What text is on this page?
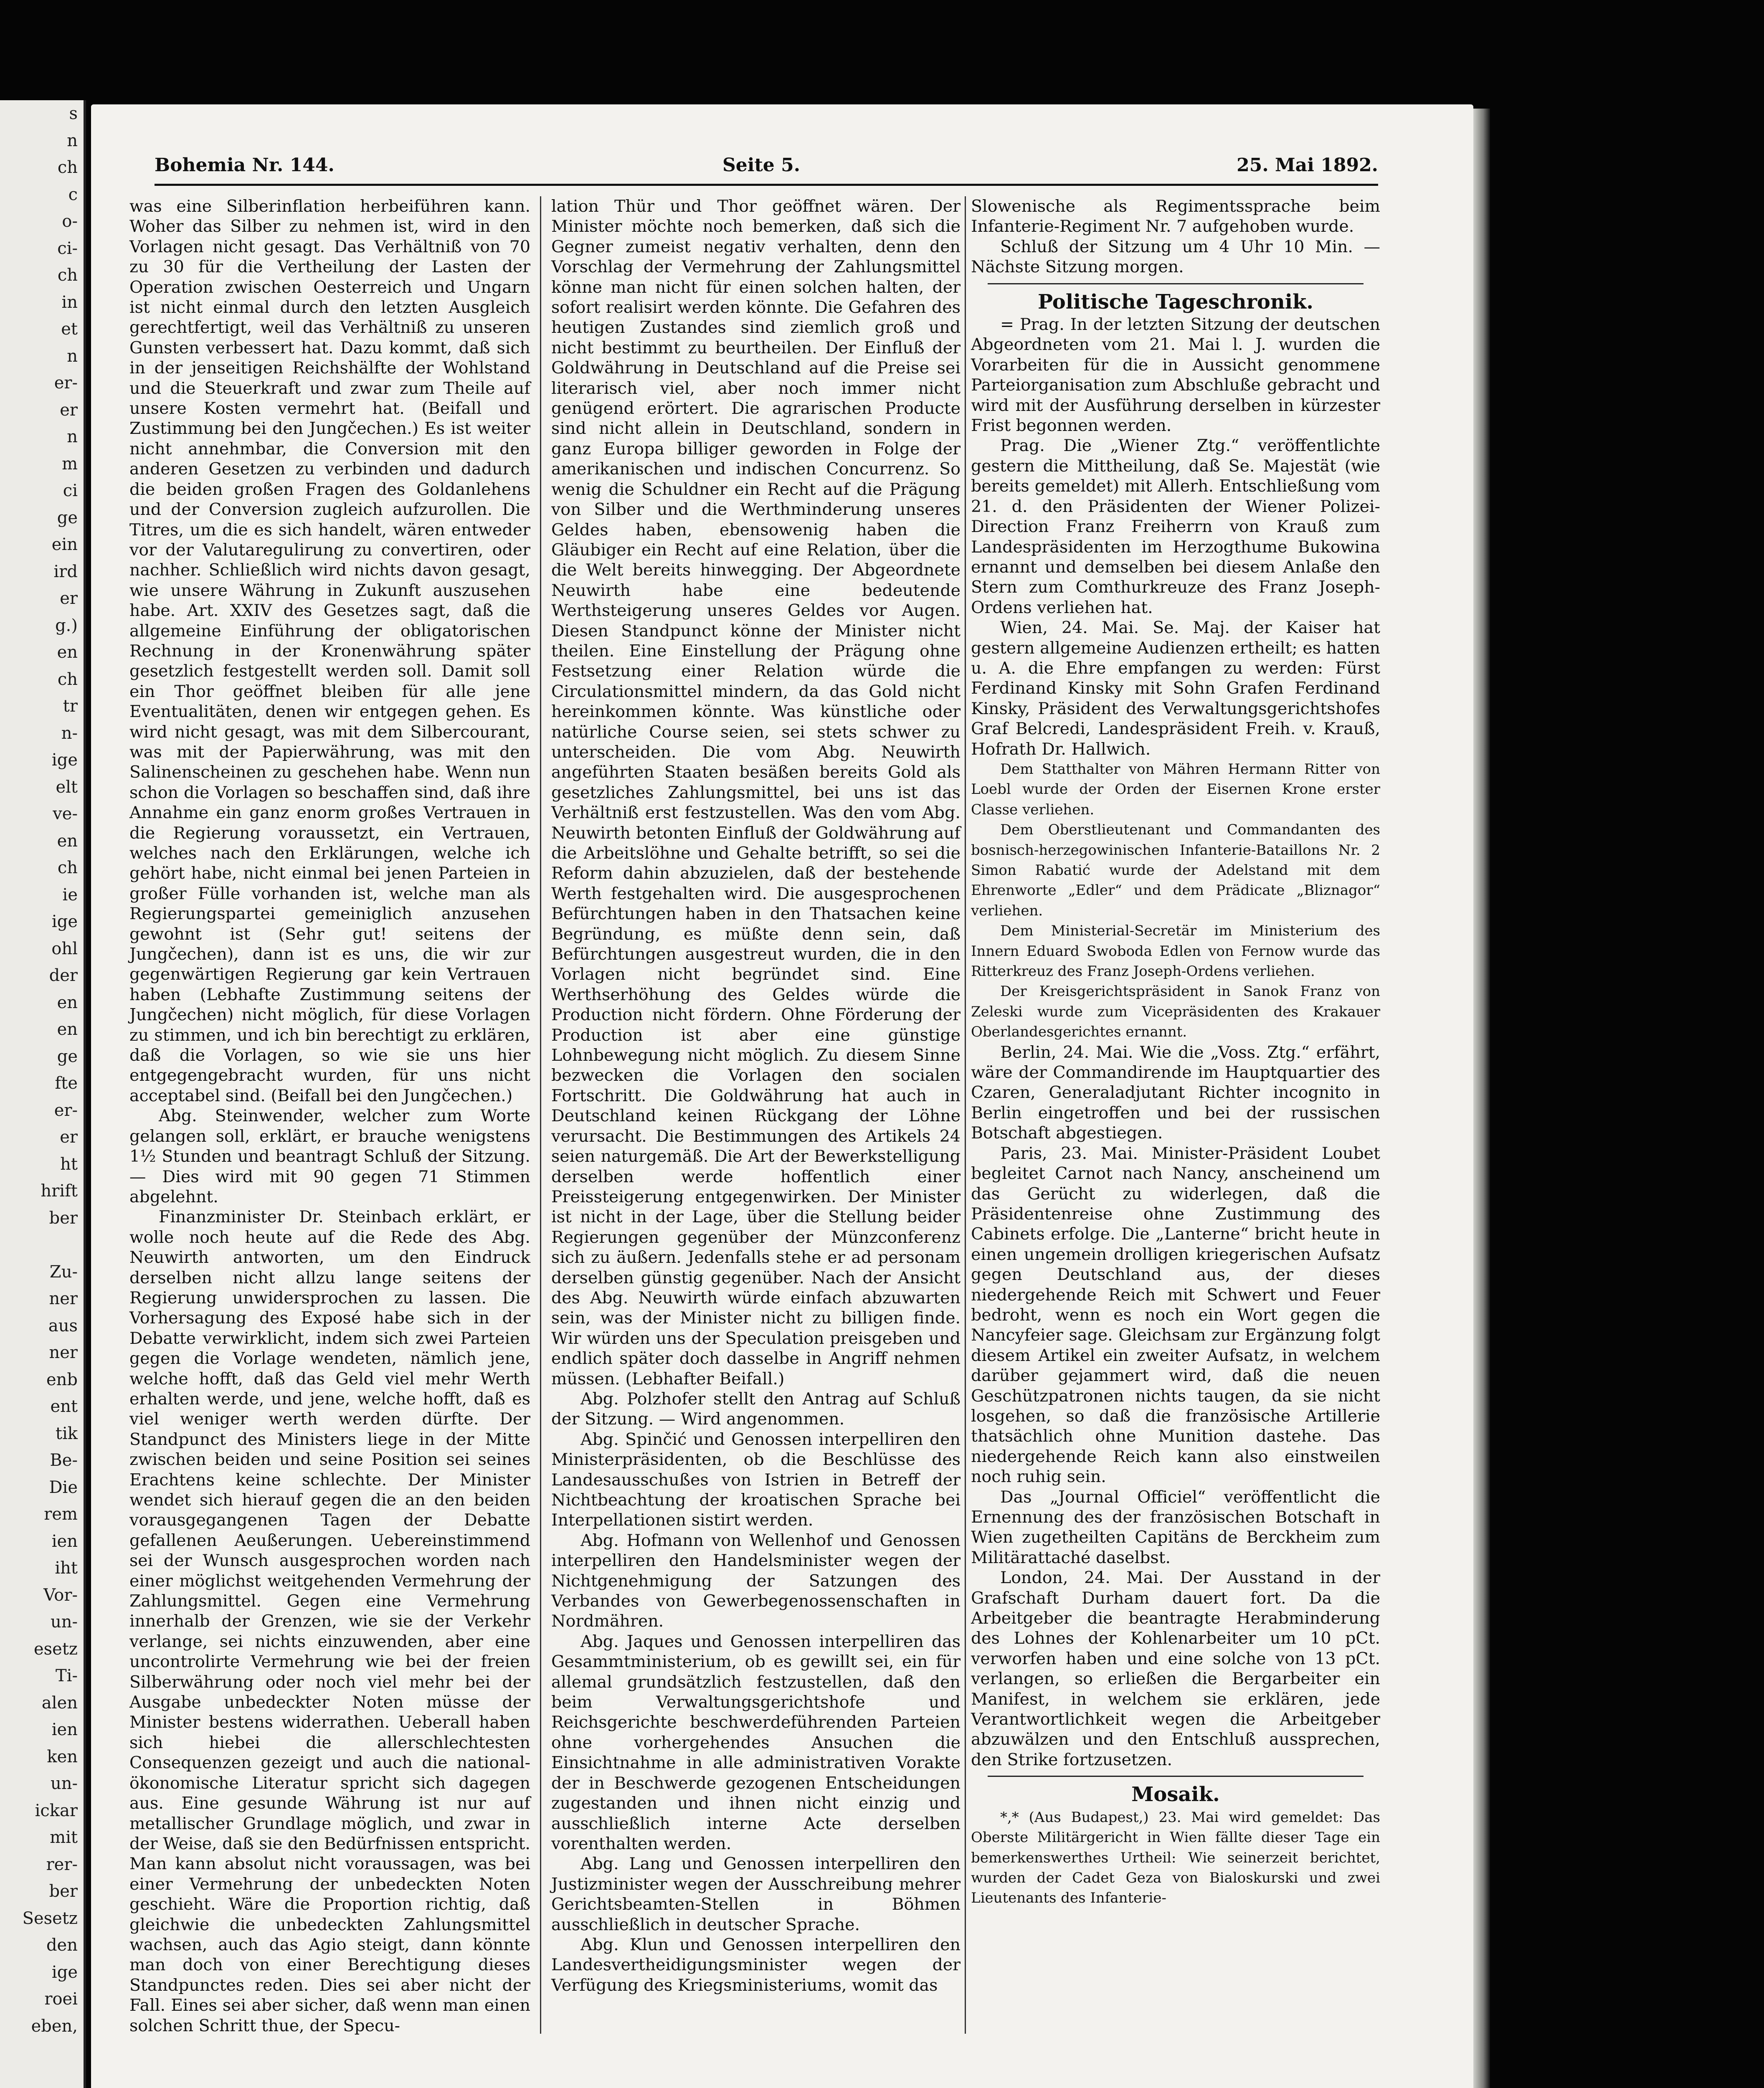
s
n
ch
c
o-
ci-
ch
in
et
n
er-
er
n
m
ci
ge
ein
ird
er
g.)
en
ch
tr
n-
ige
elt
ve-
en
ch
ie
ige
ohl
der
en
en
ge
fte
er-
er
ht
hrift
ber

Zu-
ner
aus
ner
enb
ent
tik
Be-
Die
rem
ien
iht
Vor-
un-
esetz
Ti-
alen
ien
ken
un-
ickar
mit
rer-
ber
Sesetz
den
ige
roei
eben,
Bohemia Nr. 144.	Seite 5.	25. Mai 1892.

was eine Silberinflation herbeiführen kann. Woher das Silber zu nehmen ist, wird in den Vorlagen nicht gesagt. Das Verhältniß von 70 zu 30 für die Vertheilung der Lasten der Operation zwischen Oesterreich und Ungarn ist nicht einmal durch den letzten Ausgleich gerechtfertigt, weil das Verhältniß zu unseren Gunsten verbessert hat. Dazu kommt, daß sich in der jenseitigen Reichshälfte der Wohlstand und die Steuerkraft und zwar zum Theile auf unsere Kosten vermehrt hat. (Beifall und Zustimmung bei den Jungčechen.) Es ist weiter nicht annehmbar, die Conversion mit den anderen Gesetzen zu verbinden und dadurch die beiden großen Fragen des Goldanlehens und der Conversion zugleich aufzurollen. Die Titres, um die es sich handelt, wären entweder vor der Valutaregulirung zu convertiren, oder nachher. Schließlich wird nichts davon gesagt, wie unsere Währung in Zukunft auszusehen habe. Art. XXIV des Gesetzes sagt, daß die allgemeine Einführung der obligatorischen Rechnung in der Kronenwährung später gesetzlich festgestellt werden soll. Damit soll ein Thor geöffnet bleiben für alle jene Eventualitäten, denen wir entgegen gehen. Es wird nicht gesagt, was mit dem Silbercourant, was mit der Papierwährung, was mit den Salinenscheinen zu geschehen habe. Wenn nun schon die Vorlagen so beschaffen sind, daß ihre Annahme ein ganz enorm großes Vertrauen in die Regierung voraussetzt, ein Vertrauen, welches nach den Erklärungen, welche ich gehört habe, nicht einmal bei jenen Parteien in großer Fülle vorhanden ist, welche man als Regierungspartei gemeiniglich anzusehen gewohnt ist (Sehr gut! seitens der Jungčechen), dann ist es uns, die wir zur gegenwärtigen Regierung gar kein Vertrauen haben (Lebhafte Zustimmung seitens der Jungčechen) nicht möglich, für diese Vorlagen zu stimmen, und ich bin berechtigt zu erklären, daß die Vorlagen, so wie sie uns hier entgegengebracht wurden, für uns nicht acceptabel sind. (Beifall bei den Jungčechen.)

Abg. Steinwender, welcher zum Worte gelangen soll, erklärt, er brauche wenigstens 1½ Stunden und beantragt Schluß der Sitzung. — Dies wird mit 90 gegen 71 Stimmen abgelehnt.

Finanzminister Dr. Steinbach erklärt, er wolle noch heute auf die Rede des Abg. Neuwirth antworten, um den Eindruck derselben nicht allzu lange seitens der Regierung unwidersprochen zu lassen. Die Vorhersagung des Exposé habe sich in der Debatte verwirklicht, indem sich zwei Parteien gegen die Vorlage wendeten, nämlich jene, welche hofft, daß das Geld viel mehr Werth erhalten werde, und jene, welche hofft, daß es viel weniger werth werden dürfte. Der Standpunct des Ministers liege in der Mitte zwischen beiden und seine Position sei seines Erachtens keine schlechte. Der Minister wendet sich hierauf gegen die an den beiden vorausgegangenen Tagen der Debatte gefallenen Aeußerungen. Uebereinstimmend sei der Wunsch ausgesprochen worden nach einer möglichst weitgehenden Vermehrung der Zahlungsmittel. Gegen eine Vermehrung innerhalb der Grenzen, wie sie der Verkehr verlange, sei nichts einzuwenden, aber eine uncontrolirte Vermehrung wie bei der freien Silberwährung oder noch viel mehr bei der Ausgabe unbedeckter Noten müsse der Minister bestens widerrathen. Ueberall haben sich hiebei die allerschlechtesten Consequenzen gezeigt und auch die national-ökonomische Literatur spricht sich dagegen aus. Eine gesunde Währung ist nur auf metallischer Grundlage möglich, und zwar in der Weise, daß sie den Bedürfnissen entspricht. Man kann absolut nicht voraussagen, was bei einer Vermehrung der unbedeckten Noten geschieht. Wäre die Proportion richtig, daß gleichwie die unbedeckten Zahlungsmittel wachsen, auch das Agio steigt, dann könnte man doch von einer Berechtigung dieses Standpunctes reden. Dies sei aber nicht der Fall. Eines sei aber sicher, daß wenn man einen solchen Schritt thue, der Specu-

lation Thür und Thor geöffnet wären. Der Minister möchte noch bemerken, daß sich die Gegner zumeist negativ verhalten, denn den Vorschlag der Vermehrung der Zahlungsmittel könne man nicht für einen solchen halten, der sofort realisirt werden könnte. Die Gefahren des heutigen Zustandes sind ziemlich groß und nicht bestimmt zu beurtheilen. Der Einfluß der Goldwährung in Deutschland auf die Preise sei literarisch viel, aber noch immer nicht genügend erörtert. Die agrarischen Producte sind nicht allein in Deutschland, sondern in ganz Europa billiger geworden in Folge der amerikanischen und indischen Concurrenz. So wenig die Schuldner ein Recht auf die Prägung von Silber und die Werthminderung unseres Geldes haben, ebensowenig haben die Gläubiger ein Recht auf eine Relation, über die die Welt bereits hinwegging. Der Abgeordnete Neuwirth habe eine bedeutende Werthsteigerung unseres Geldes vor Augen. Diesen Standpunct könne der Minister nicht theilen. Eine Einstellung der Prägung ohne Festsetzung einer Relation würde die Circulationsmittel mindern, da das Gold nicht hereinkommen könnte. Was künstliche oder natürliche Course seien, sei stets schwer zu unterscheiden. Die vom Abg. Neuwirth angeführten Staaten besäßen bereits Gold als gesetzliches Zahlungsmittel, bei uns ist das Verhältniß erst festzustellen. Was den vom Abg. Neuwirth betonten Einfluß der Goldwährung auf die Arbeitslöhne und Gehalte betrifft, so sei die Reform dahin abzuzielen, daß der bestehende Werth festgehalten wird. Die ausgesprochenen Befürchtungen haben in den Thatsachen keine Begründung, es müßte denn sein, daß Befürchtungen ausgestreut wurden, die in den Vorlagen nicht begründet sind. Eine Werthserhöhung des Geldes würde die Production nicht fördern. Ohne Förderung der Production ist aber eine günstige Lohnbewegung nicht möglich. Zu diesem Sinne bezwecken die Vorlagen den socialen Fortschritt. Die Goldwährung hat auch in Deutschland keinen Rückgang der Löhne verursacht. Die Bestimmungen des Artikels 24 seien naturgemäß. Die Art der Bewerkstelligung derselben werde hoffentlich einer Preissteigerung entgegenwirken. Der Minister ist nicht in der Lage, über die Stellung beider Regierungen gegenüber der Münzconferenz sich zu äußern. Jedenfalls stehe er ad personam derselben günstig gegenüber. Nach der Ansicht des Abg. Neuwirth würde einfach abzuwarten sein, was der Minister nicht zu billigen finde. Wir würden uns der Speculation preisgeben und endlich später doch dasselbe in Angriff nehmen müssen. (Lebhafter Beifall.)

Abg. Polzhofer stellt den Antrag auf Schluß der Sitzung. — Wird angenommen.

Abg. Spinčić und Genossen interpelliren den Ministerpräsidenten, ob die Beschlüsse des Landesausschußes von Istrien in Betreff der Nichtbeachtung der kroatischen Sprache bei Interpellationen sistirt werden.

Abg. Hofmann von Wellenhof und Genossen interpelliren den Handelsminister wegen der Nichtgenehmigung der Satzungen des Verbandes von Gewerbegenossenschaften in Nordmähren.

Abg. Jaques und Genossen interpelliren das Gesammtministerium, ob es gewillt sei, ein für allemal grundsätzlich festzustellen, daß den beim Verwaltungsgerichtshofe und Reichsgerichte beschwerdeführenden Parteien ohne vorhergehendes Ansuchen die Einsichtnahme in alle administrativen Vorakte der in Beschwerde gezogenen Entscheidungen zugestanden und ihnen nicht einzig und ausschließlich interne Acte derselben vorenthalten werden.

Abg. Lang und Genossen interpelliren den Justizminister wegen der Ausschreibung mehrer Gerichtsbeamten-Stellen in Böhmen ausschließlich in deutscher Sprache.

Abg. Klun und Genossen interpelliren den Landesvertheidigungsminister wegen der Verfügung des Kriegsministeriums, womit das

Slowenische als Regimentssprache beim Infanterie-Regiment Nr. 7 aufgehoben wurde.

Schluß der Sitzung um 4 Uhr 10 Min. — Nächste Sitzung morgen.

Politische Tageschronik.

= Prag. In der letzten Sitzung der deutschen Abgeordneten vom 21. Mai l. J. wurden die Vorarbeiten für die in Aussicht genommene Parteiorganisation zum Abschluße gebracht und wird mit der Ausführung derselben in kürzester Frist begonnen werden.

Prag. Die „Wiener Ztg.“ veröffentlichte gestern die Mittheilung, daß Se. Majestät (wie bereits gemeldet) mit Allerh. Entschließung vom 21. d. den Präsidenten der Wiener Polizei-Direction Franz Freiherrn von Krauß zum Landespräsidenten im Herzogthume Bukowina ernannt und demselben bei diesem Anlaße den Stern zum Comthurkreuze des Franz Joseph-Ordens verliehen hat.

Wien, 24. Mai. Se. Maj. der Kaiser hat gestern allgemeine Audienzen ertheilt; es hatten u. A. die Ehre empfangen zu werden: Fürst Ferdinand Kinsky mit Sohn Grafen Ferdinand Kinsky, Präsident des Verwaltungsgerichtshofes Graf Belcredi, Landespräsident Freih. v. Krauß, Hofrath Dr. Hallwich.

Dem Statthalter von Mähren Hermann Ritter von Loebl wurde der Orden der Eisernen Krone erster Classe verliehen.

Dem Oberstlieutenant und Commandanten des bosnisch-herzegowinischen Infanterie-Bataillons Nr. 2 Simon Rabatić wurde der Adelstand mit dem Ehrenworte „Edler“ und dem Prädicate „Bliznagor“ verliehen.

Dem Ministerial-Secretär im Ministerium des Innern Eduard Swoboda Edlen von Fernow wurde das Ritterkreuz des Franz Joseph-Ordens verliehen.

Der Kreisgerichtspräsident in Sanok Franz von Zeleski wurde zum Vicepräsidenten des Krakauer Oberlandesgerichtes ernannt.

Berlin, 24. Mai. Wie die „Voss. Ztg.“ erfährt, wäre der Commandirende im Hauptquartier des Czaren, Generaladjutant Richter incognito in Berlin eingetroffen und bei der russischen Botschaft abgestiegen.

Paris, 23. Mai. Minister-Präsident Loubet begleitet Carnot nach Nancy, anscheinend um das Gerücht zu widerlegen, daß die Präsidentenreise ohne Zustimmung des Cabinets erfolge. Die „Lanterne“ bricht heute in einen ungemein drolligen kriegerischen Aufsatz gegen Deutschland aus, der dieses niedergehende Reich mit Schwert und Feuer bedroht, wenn es noch ein Wort gegen die Nancyfeier sage. Gleichsam zur Ergänzung folgt diesem Artikel ein zweiter Aufsatz, in welchem darüber gejammert wird, daß die neuen Geschützpatronen nichts taugen, da sie nicht losgehen, so daß die französische Artillerie thatsächlich ohne Munition dastehe. Das niedergehende Reich kann also einstweilen noch ruhig sein.

Das „Journal Officiel“ veröffentlicht die Ernennung des der französischen Botschaft in Wien zugetheilten Capitäns de Berckheim zum Militärattaché daselbst.

London, 24. Mai. Der Ausstand in der Grafschaft Durham dauert fort. Da die Arbeitgeber die beantragte Herabminderung des Lohnes der Kohlenarbeiter um 10 pCt. verworfen haben und eine solche von 13 pCt. verlangen, so erließen die Bergarbeiter ein Manifest, in welchem sie erklären, jede Verantwortlichkeit wegen die Arbeitgeber abzuwälzen und den Entschluß aussprechen, den Strike fortzusetzen.

Mosaik.

*,* (Aus Budapest,) 23. Mai wird gemeldet: Das Oberste Militärgericht in Wien fällte dieser Tage ein bemerkenswerthes Urtheil: Wie seinerzeit berichtet, wurden der Cadet Geza von Bialoskurski und zwei Lieutenants des Infanterie-
